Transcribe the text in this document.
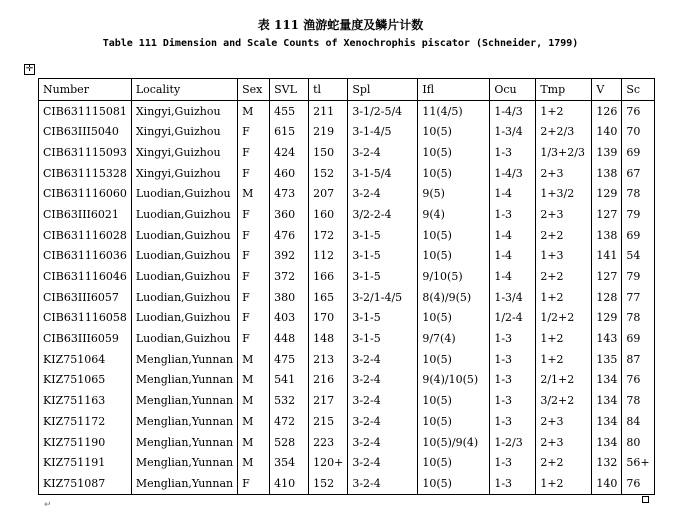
表 111 渔游蛇量度及鳞片计数
Table 111 Dimension and Scale Counts of Xenochrophis piscator (Schneider, 1799)
✛
Number	Locality	Sex	SVL	tl	Spl	Ifl	Ocu	Tmp	V	Sc
CIB631115081	Xingyi,Guizhou	M	455	211	3-1/2-5/4	11(4/5)	1-4/3	1+2	126	76
CIB63III5040	Xingyi,Guizhou	F	615	219	3-1-4/5	10(5)	1-3/4	2+2/3	140	70
CIB631115093	Xingyi,Guizhou	F	424	150	3-2-4	10(5)	1-3	1/3+2/3	139	69
CIB631115328	Xingyi,Guizhou	F	460	152	3-1-5/4	10(5)	1-4/3	2+3	138	67
CIB631116060	Luodian,Guizhou	M	473	207	3-2-4	9(5)	1-4	1+3/2	129	78
CIB63III6021	Luodian,Guizhou	F	360	160	3/2-2-4	9(4)	1-3	2+3	127	79
CIB631116028	Luodian,Guizhou	F	476	172	3-1-5	10(5)	1-4	2+2	138	69
CIB631116036	Luodian,Guizhou	F	392	112	3-1-5	10(5)	1-4	1+3	141	54
CIB631116046	Luodian,Guizhou	F	372	166	3-1-5	9/10(5)	1-4	2+2	127	79
CIB63III6057	Luodian,Guizhou	F	380	165	3-2/1-4/5	8(4)/9(5)	1-3/4	1+2	128	77
CIB631116058	Luodian,Guizhou	F	403	170	3-1-5	10(5)	1/2-4	1/2+2	129	78
CIB63III6059	Luodian,Guizhou	F	448	148	3-1-5	9/7(4)	1-3	1+2	143	69
KIZ751064	Menglian,Yunnan	M	475	213	3-2-4	10(5)	1-3	1+2	135	87
KIZ751065	Menglian,Yunnan	M	541	216	3-2-4	9(4)/10(5)	1-3	2/1+2	134	76
KIZ751163	Menglian,Yunnan	M	532	217	3-2-4	10(5)	1-3	3/2+2	134	78
KIZ751172	Menglian,Yunnan	M	472	215	3-2-4	10(5)	1-3	2+3	134	84
KIZ751190	Menglian,Yunnan	M	528	223	3-2-4	10(5)/9(4)	1-2/3	2+3	134	80
KIZ751191	Menglian,Yunnan	M	354	120+	3-2-4	10(5)	1-3	2+2	132	56+
KIZ751087	Menglian,Yunnan	F	410	152	3-2-4	10(5)	1-3	1+2	140	76
↵
